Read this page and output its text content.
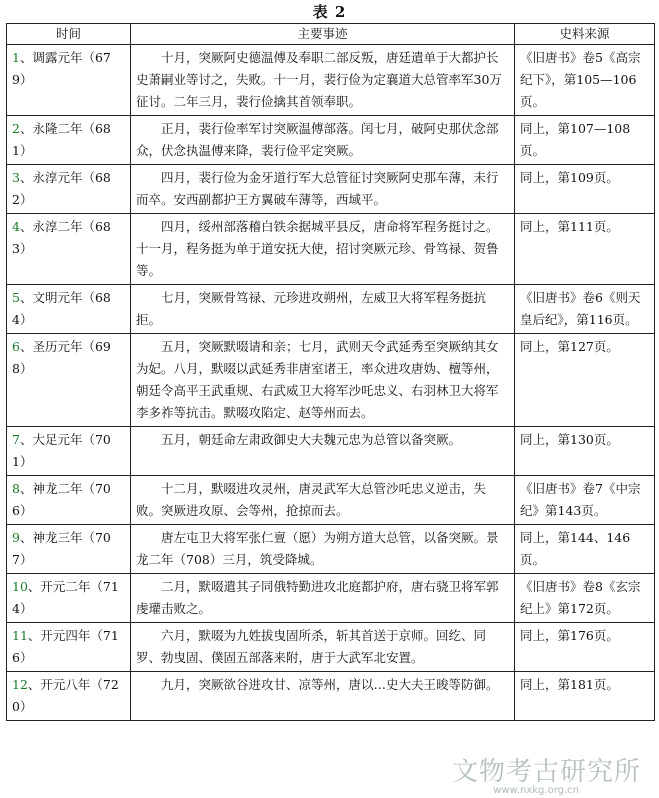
表 2
时间	主要事迹	史料来源
1、调露元年（679）	十月，突厥阿史德温傅及奉职二部反叛，唐廷遣单于大都护长史萧嗣业等讨之，失败。十一月，裴行俭为定襄道大总管率军30万征讨。二年三月，裴行俭擒其首领奉职。	《旧唐书》卷5《高宗纪下》，第105—106页。
2、永隆二年（681）	正月，裴行俭率军讨突厥温傅部落。闰七月，破阿史那伏念部众，伏念执温傅来降，裴行俭平定突厥。	同上，第107—108页。
3、永淳元年（682）	四月，裴行俭为金牙道行军大总管征讨突厥阿史那车薄，未行而卒。安西副都护王方翼破车薄等，西域平。	同上，第109页。
4、永淳二年（683）	四月，绥州部落稽白铁余据城平县反，唐命将军程务挺讨之。十一月，程务挺为单于道安抚大使，招讨突厥元珍、骨笃禄、贺鲁等。	同上，第111页。
5、文明元年（684）	七月，突厥骨笃禄、元珍进攻朔州，左威卫大将军程务挺抗拒。	《旧唐书》卷6《则天皇后纪》，第116页。
6、圣历元年（698）	五月，突厥默啜请和亲；七月，武则天令武延秀至突厥纳其女为妃。八月，默啜以武延秀非唐室诸王，率众进攻唐妫、檀等州，朝廷令高平王武重规、右武威卫大将军沙吒忠义、右羽林卫大将军李多祚等抗击。默啜攻陷定、赵等州而去。	同上，第127页。
7、大足元年（701）	五月，朝廷命左肃政御史大夫魏元忠为总管以备突厥。	同上，第130页。
8、神龙二年（706）	十二月，默啜进攻灵州，唐灵武军大总管沙吒忠义逆击，失败。突厥进攻原、会等州，抢掠而去。	《旧唐书》卷7《中宗纪》第143页。
9、神龙三年（707）	唐左屯卫大将军张仁亶（愿）为朔方道大总管，以备突厥。景龙二年（708）三月，筑受降城。	同上，第144、146页。
10、开元二年（714）	二月，默啜遣其子同俄特勤进攻北庭都护府，唐右骁卫将军郭虔瓘击败之。	《旧唐书》卷8《玄宗纪上》第172页。
11、开元四年（716）	六月，默啜为九姓拔曳固所杀，斩其首送于京师。回纥、同罗、勃曳固、僕固五部落来附，唐于大武军北安置。	同上，第176页。
12、开元八年（720）	九月，突厥欲谷进攻甘、凉等州，唐以…史大夫王晙等防御。	同上，第181页。
文物考古研究所
www.nxkg.org.cn
